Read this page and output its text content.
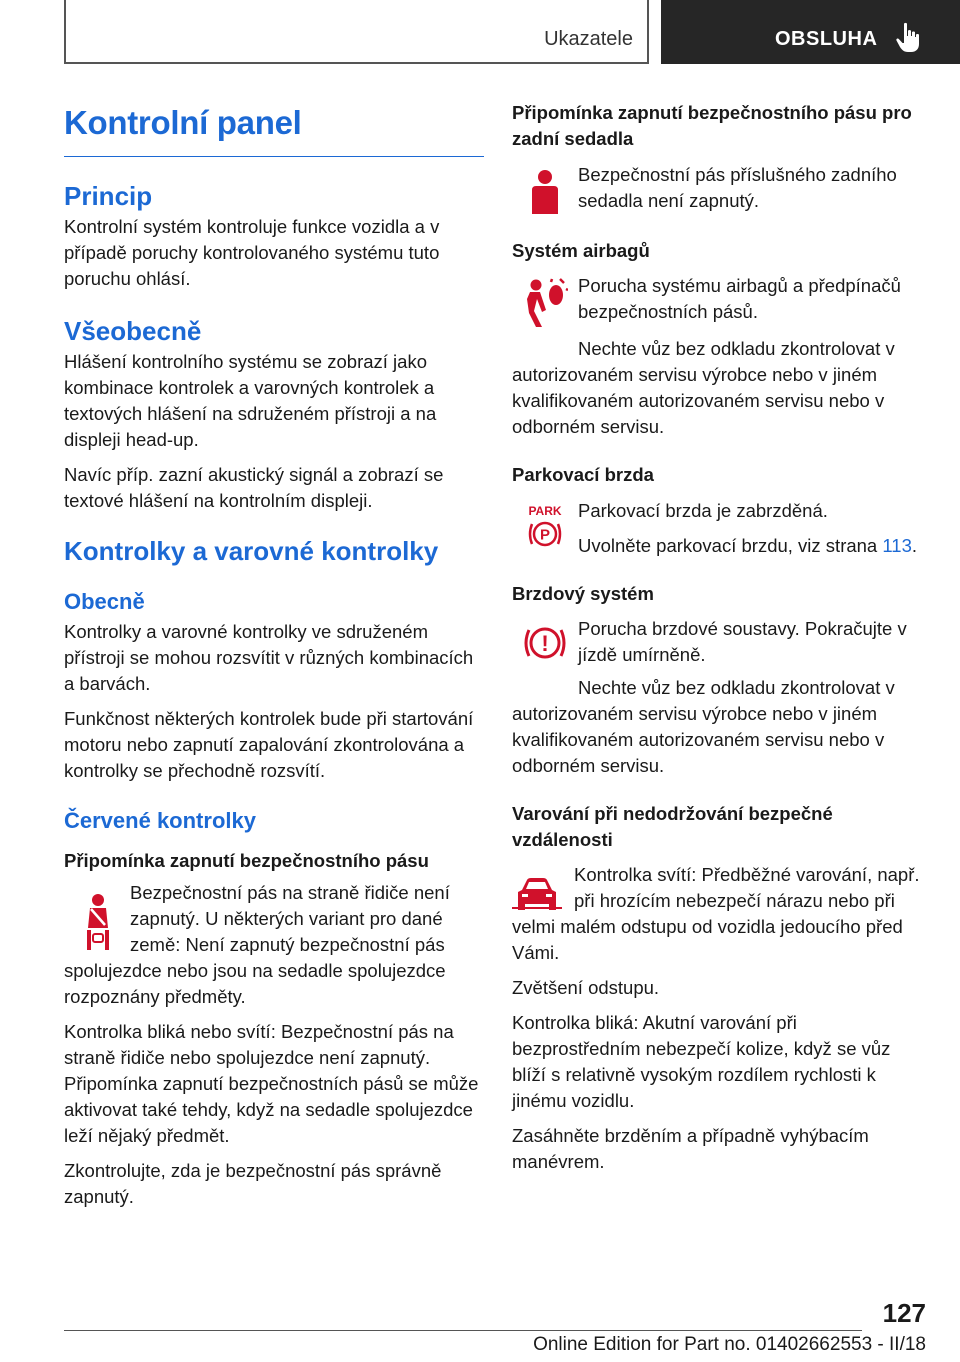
Ukazatele	OBSLUHA
Kontrolní panel
Princip

Kontrolní systém kontroluje funkce vozidla a v případě poruchy kontrolovaného systému tuto poruchu ohlásí.

Všeobecně

Hlášení kontrolního systému se zobrazí jako kombinace kontrolek a varovných kontrolek a textových hlášení na sdruženém přístroji a na displeji head-up.

Navíc příp. zazní akustický signál a zobrazí se textové hlášení na kontrolním displeji.

Kontrolky a varovné kontrolky
Obecně

Kontrolky a varovné kontrolky ve sdruženém přístroji se mohou rozsvítit v různých kombinacích a barvách.

Funkčnost některých kontrolek bude při startování motoru nebo zapnutí zapalování zkontrolována a kontrolky se přechodně rozsvítí.

Červené kontrolky
Připomínka zapnutí bezpečnostního pásu

Bezpečnostní pás na straně řidiče není zapnutý. U některých variant pro dané země: Není zapnutý bezpečnostní pás spolujezdce nebo jsou na sedadle spolujezdce rozpoznány předměty.

Kontrolka bliká nebo svítí: Bezpečnostní pás na straně řidiče nebo spolujezdce není zapnutý. Připomínka zapnutí bezpečnostních pásů se může aktivovat také tehdy, když na sedadle spolujezdce leží nějaký předmět.

Zkontrolujte, zda je bezpečnostní pás správně zapnutý.

Připomínka zapnutí bezpečnostního pásu pro zadní sedadla

Bezpečnostní pás příslušného zadního sedadla není zapnutý.

Systém airbagů

Porucha systému airbagů a předpínačů bezpečnostních pásů.

Nechte vůz bez odkladu zkontrolovat v autorizovaném servisu výrobce nebo v jiném kvalifikovaném autorizovaném servisu nebo v odborném servisu.

Parkovací brzda
PARK
P

Parkovací brzda je zabrzděná.

Uvolněte parkovací brzdu, viz strana 113.

Brzdový systém
!

Porucha brzdové soustavy. Pokračujte v jízdě umírněně.

Nechte vůz bez odkladu zkontrolovat v autorizovaném servisu výrobce nebo v jiném kvalifikovaném autorizovaném servisu nebo v odborném servisu.

Varování při nedodržování bezpečné vzdálenosti

Kontrolka svítí: Předběžné varování, např. při hrozícím nebezpečí nárazu nebo při velmi malém odstupu od vozidla jedoucího před Vámi.

Zvětšení odstupu.

Kontrolka bliká: Akutní varování při bezprostředním nebezpečí kolize, když se vůz blíží s relativně vysokým rozdílem rychlosti k jinému vozidlu.

Zasáhněte brzděním a případně vyhýbacím manévrem.

127
Online Edition for Part no. 01402662553 - II/18
